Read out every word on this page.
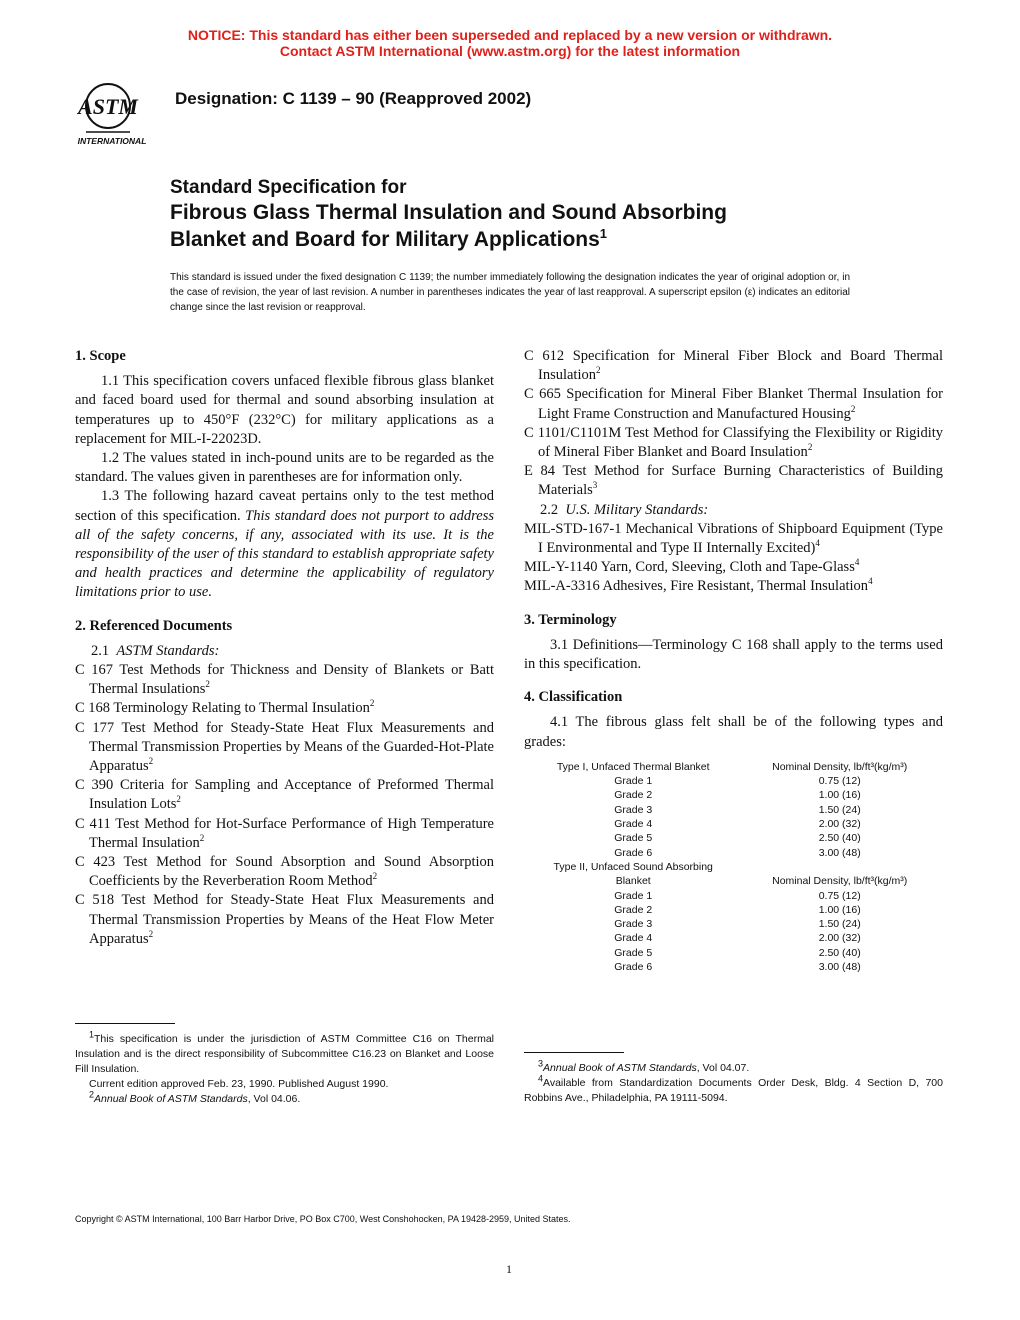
NOTICE: This standard has either been superseded and replaced by a new version or withdrawn.
Contact ASTM International (www.astm.org) for the latest information
ASTM
INTERNATIONAL
Designation: C 1139 – 90 (Reapproved 2002)
Standard Specification for
Fibrous Glass Thermal Insulation and Sound Absorbing
Blanket and Board for Military Applications$^1$
This standard is issued under the fixed designation C 1139; the number immediately following the designation indicates the year of original adoption or, in the case of revision, the year of last revision. A number in parentheses indicates the year of last reapproval. A superscript epsilon (ε) indicates an editorial change since the last revision or reapproval.
1. Scope

1.1 This specification covers unfaced flexible fibrous glass blanket and faced board used for thermal and sound absorbing insulation at temperatures up to 450°F (232°C) for military applications as a replacement for MIL-I-22023D.

1.2 The values stated in inch-pound units are to be regarded as the standard. The values given in parentheses are for information only.

1.3 The following hazard caveat pertains only to the test method section of this specification. This standard does not purport to address all of the safety concerns, if any, associated with its use. It is the responsibility of the user of this standard to establish appropriate safety and health practices and determine the applicability of regulatory limitations prior to use.

2. Referenced Documents

2.1 ASTM Standards:

C 167 Test Methods for Thickness and Density of Blankets or Batt Thermal Insulations$^2$

C 168 Terminology Relating to Thermal Insulation$^2$

C 177 Test Method for Steady-State Heat Flux Measurements and Thermal Transmission Properties by Means of the Guarded-Hot-Plate Apparatus$^2$

C 390 Criteria for Sampling and Acceptance of Preformed Thermal Insulation Lots$^2$

C 411 Test Method for Hot-Surface Performance of High Temperature Thermal Insulation$^2$

C 423 Test Method for Sound Absorption and Sound Absorption Coefficients by the Reverberation Room Method$^2$

C 518 Test Method for Steady-State Heat Flux Measurements and Thermal Transmission Properties by Means of the Heat Flow Meter Apparatus$^2$

C 612 Specification for Mineral Fiber Block and Board Thermal Insulation$^2$

C 665 Specification for Mineral Fiber Blanket Thermal Insulation for Light Frame Construction and Manufactured Housing$^2$

C 1101/C1101M Test Method for Classifying the Flexibility or Rigidity of Mineral Fiber Blanket and Board Insulation$^2$

E 84 Test Method for Surface Burning Characteristics of Building Materials$^3$

2.2 U.S. Military Standards:

MIL-STD-167-1 Mechanical Vibrations of Shipboard Equipment (Type I Environmental and Type II Internally Excited)$^4$

MIL-Y-1140 Yarn, Cord, Sleeving, Cloth and Tape-Glass$^4$

MIL-A-3316 Adhesives, Fire Resistant, Thermal Insulation$^4$

3. Terminology

3.1 Definitions—Terminology C 168 shall apply to the terms used in this specification.

4. Classification

4.1 The fibrous glass felt shall be of the following types and grades:

Type I, Unfaced Thermal Blanket	Nominal Density, lb/ft³(kg/m³)
Grade 1	0.75 (12)
Grade 2	1.00 (16)
Grade 3	1.50 (24)
Grade 4	2.00 (32)
Grade 5	2.50 (40)
Grade 6	3.00 (48)
Type II, Unfaced Sound Absorbing	
Blanket	Nominal Density, lb/ft³(kg/m³)
Grade 1	0.75 (12)
Grade 2	1.00 (16)
Grade 3	1.50 (24)
Grade 4	2.00 (32)
Grade 5	2.50 (40)
Grade 6	3.00 (48)
$^1$This specification is under the jurisdiction of ASTM Committee C16 on Thermal Insulation and is the direct responsibility of Subcommittee C16.23 on Blanket and Loose Fill Insulation.
Current edition approved Feb. 23, 1990. Published August 1990.
$^2$Annual Book of ASTM Standards, Vol 04.06.
$^3$Annual Book of ASTM Standards, Vol 04.07.
$^4$Available from Standardization Documents Order Desk, Bldg. 4 Section D, 700 Robbins Ave., Philadelphia, PA 19111-5094.
Copyright © ASTM International, 100 Barr Harbor Drive, PO Box C700, West Conshohocken, PA 19428-2959, United States.
1
